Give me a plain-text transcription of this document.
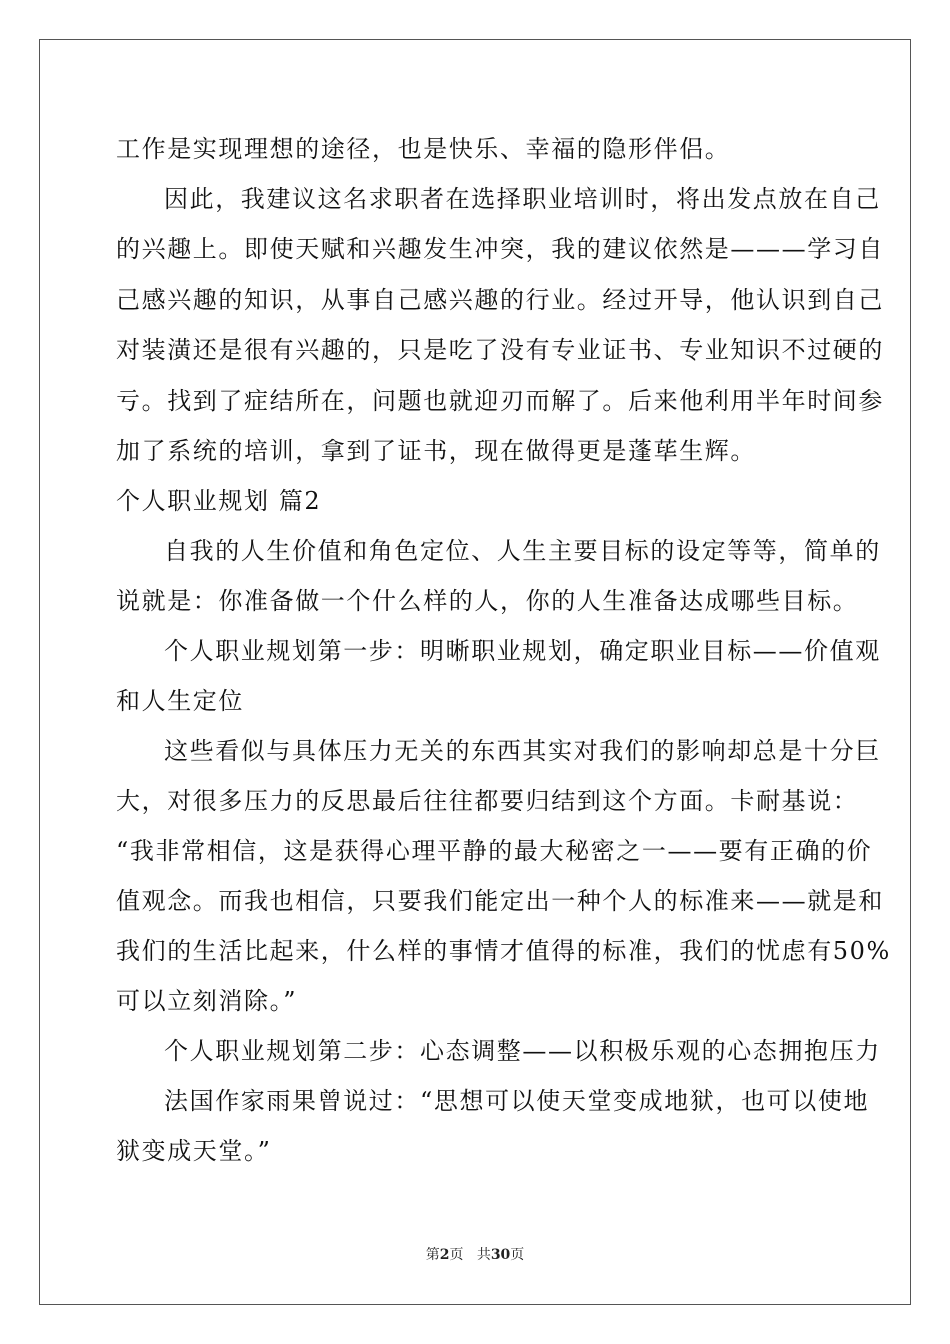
工作是实现理想的途径，也是快乐、幸福的隐形伴侣。

因此，我建议这名求职者在选择职业培训时，将出发点放在自己

的兴趣上。即使天赋和兴趣发生冲突，我的建议依然是———学习自

己感兴趣的知识，从事自己感兴趣的行业。经过开导，他认识到自己

对装潢还是很有兴趣的，只是吃了没有专业证书、专业知识不过硬的

亏。找到了症结所在，问题也就迎刃而解了。后来他利用半年时间参

加了系统的培训，拿到了证书，现在做得更是蓬荜生辉。

个人职业规划 篇2

自我的人生价值和角色定位、人生主要目标的设定等等，简单的

说就是：你准备做一个什么样的人，你的人生准备达成哪些目标。

个人职业规划第一步：明晰职业规划，确定职业目标——价值观

和人生定位

这些看似与具体压力无关的东西其实对我们的影响却总是十分巨

大，对很多压力的反思最后往往都要归结到这个方面。卡耐基说：

“我非常相信，这是获得心理平静的最大秘密之一——要有正确的价

值观念。而我也相信，只要我们能定出一种个人的标准来——就是和

我们的生活比起来，什么样的事情才值得的标准，我们的忧虑有50%

可以立刻消除。”

个人职业规划第二步：心态调整——以积极乐观的心态拥抱压力

法国作家雨果曾说过：“思想可以使天堂变成地狱，也可以使地

狱变成天堂。”

第2页 共30页
